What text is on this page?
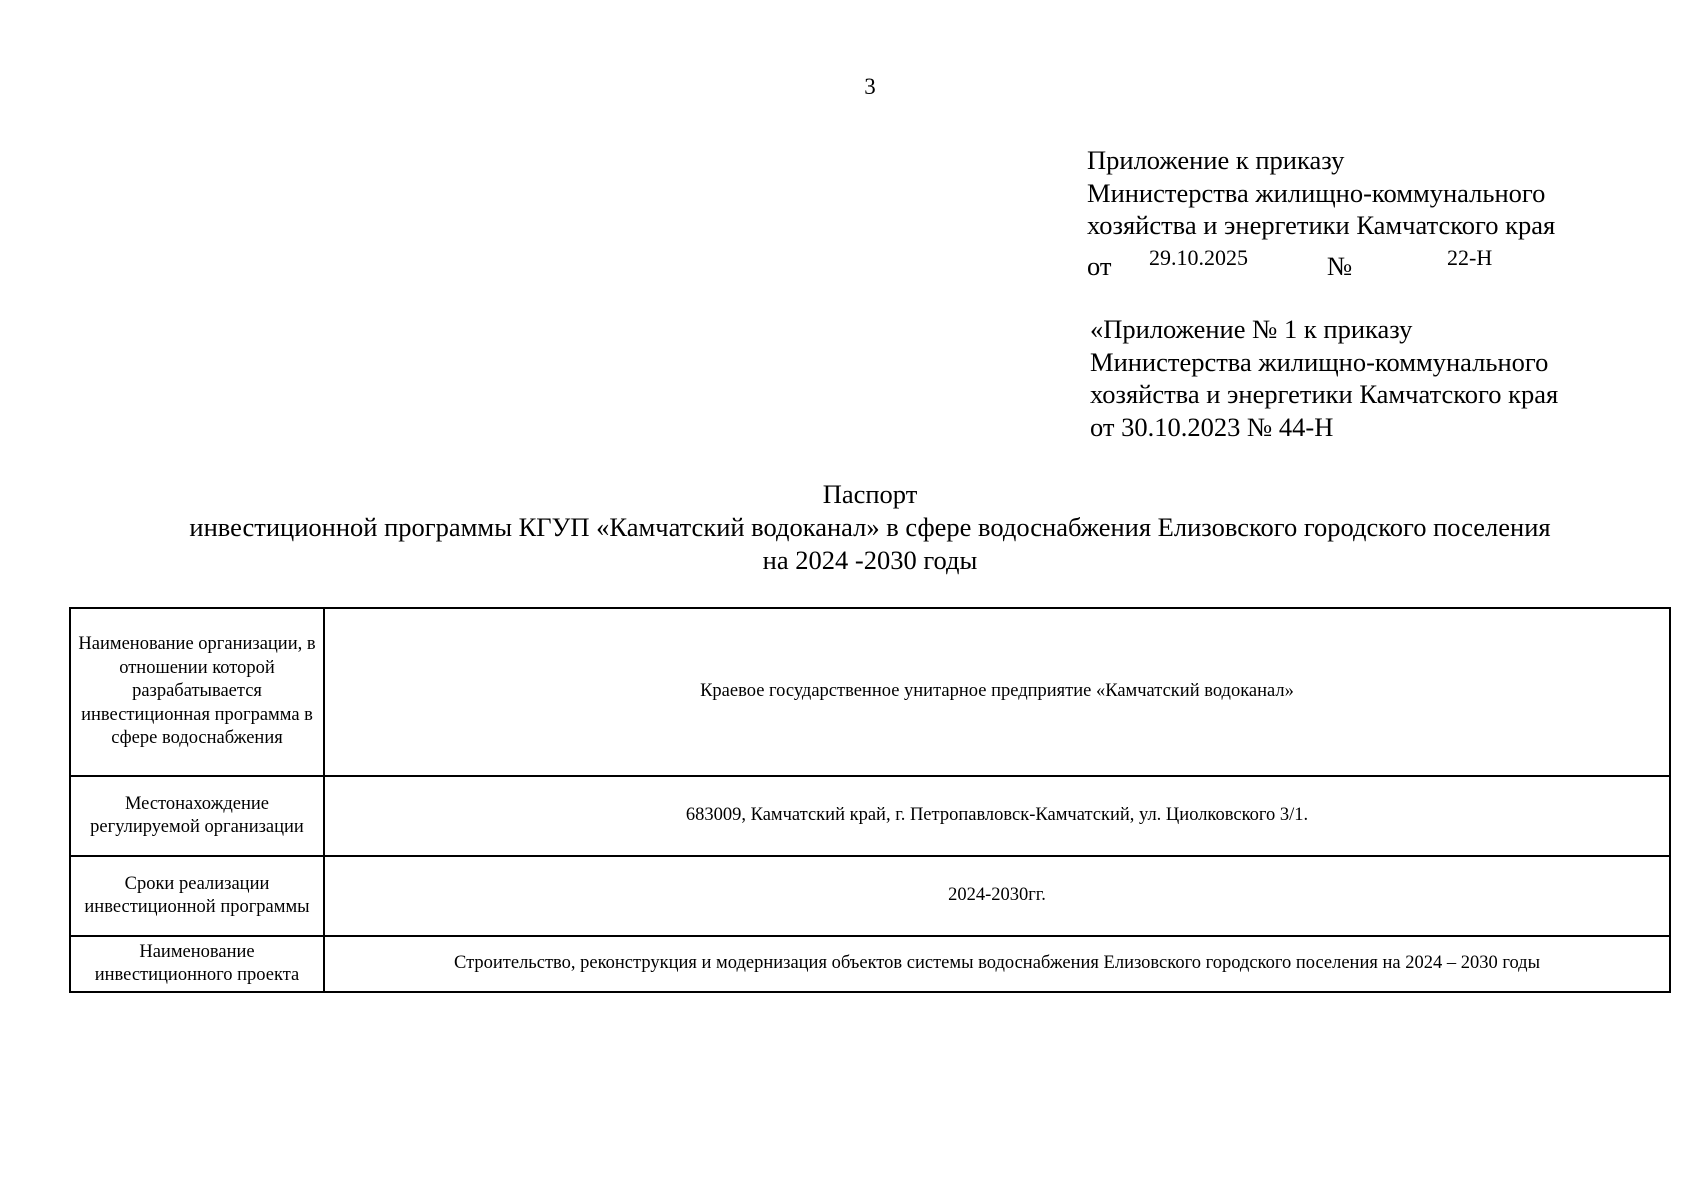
3
Приложение к приказу
Министерства жилищно-коммунального
хозяйства и энергетики Камчатского края
от 29.10.2025	№	22-Н
«Приложение № 1 к приказу
Министерства жилищно-коммунального
хозяйства и энергетики Камчатского края
от 30.10.2023 № 44-Н
Паспорт
инвестиционной программы КГУП «Камчатский водоканал» в сфере водоснабжения Елизовского городского поселения
на 2024 -2030 годы
Наименование организации, в отношении которой разрабатывается инвестиционная программа в сфере водоснабжения	Краевое государственное унитарное предприятие «Камчатский водоканал»
Местонахождение регулируемой организации	683009, Камчатский край, г. Петропавловск-Камчатский, ул. Циолковского 3/1.
Сроки реализации инвестиционной программы	2024-2030гг.
Наименование инвестиционного проекта	Строительство, реконструкция и модернизация объектов системы водоснабжения Елизовского городского поселения на 2024 – 2030 годы
